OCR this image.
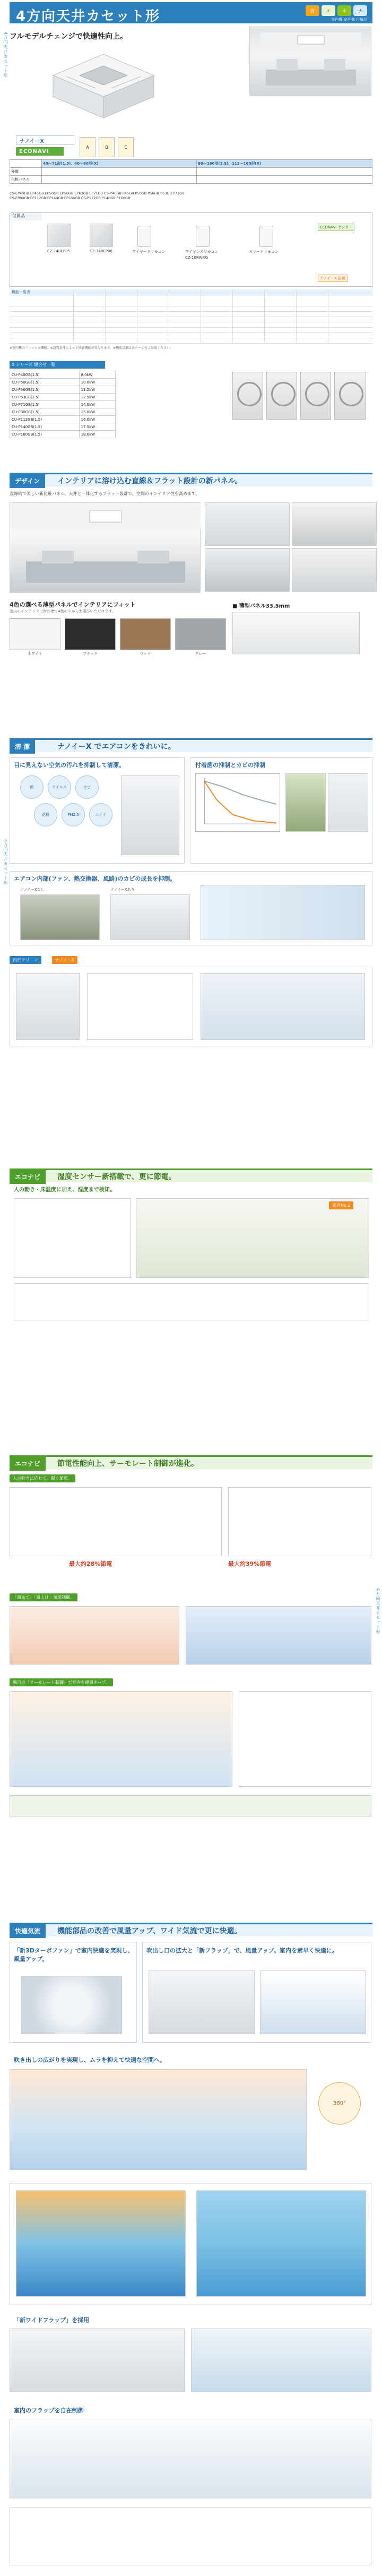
4方向天井カセット形
4方向天井カセット形
4方向天井カセット形
4方向天井カセット形	省	エ	ネ	ナ
室内機 室外機 付属品
フルモデルチェンジで快適性向上。
ナノイーX
ECONAVI
A	B	C
	40～71形(1.5)、40～80形(X)	80～160形(1.5)、112～160形(X)
外観		
化粧パネル		
CS-EP40GB·EP45GB·EP50GB·EP56GB·EP63GB·EP71GB CS-P40GB·P45GB·P50GB·P56GB·P63GB·P71GB
CS-EP80GB·EP112GB·EP140GB·EP160GB CS-P112GB·P140GB·P160GB
付属品
CZ-140EP05	CZ-140EP06	ワイヤードリモコン	ワイヤレスリモコン
CZ-10RWRG
スマートリモコン
ECONAVI センサー
ナノイーX 搭載
機能一覧表
※室内機のフレッシュ機能。※設置条件によって快適機能が異なります。※機能詳細は各ページをご参照ください。
X シリーズ 組合せ一覧
CU-P40GB(1.5)	8.0kW
CU-P50GB(1.5)	10.0kW
CU-P56GB(1.5)	11.2kW
CU-P63GB(1.5)	12.5kW
CU-P71GB(1.5)	14.0kW
CU-P80GB(1.5)	15.0kW
CU-P112GB(1.5)	16.0kW
CU-P140GB(1.5)	17.5kW
CU-P160GB(1.5)	18.0kW
デザイン	インテリアに溶け込む直線＆フラット設計の新パネル。
直線的で美しい新化粧パネル。天井と一体化するフラット設計で、空間のインテリア性を高めます。
4色の選べる薄型パネルでインテリアにフィット
室内のインテリアに合わせて4色の中からお選びいただけます。
ホワイト	ブラック	ウッド	グレー
■ 薄型パネル33.5mm
清 潔	ナノイーX でエアコンをきれいに。
目に見えない空気の汚れを抑制して清潔。
菌	ウイルス	カビ
花粉	PM2.5	ニオイ
付着菌の抑制とカビの抑制
エアコン内部(ファン、熱交換器、風路)のカビの成長を抑制。
ナノイーXなし	ナノイーXあり
内部クリーン	ナノイーX
エコナビ	湿度センサー新搭載で、更に節電。
人の動き・床温度に加え、湿度まで検知。
業界No.1
エコナビ	節電性能向上、サーモレート制御が進化。
人の動きに応じて、賢く節電。
最大約28%節電	最大約39%節電
「風あて」「風よけ」気流制御。
独自の「サーモレート制御」で室内を適温キープ。
快適気流	機能部品の改善で風量アップ、ワイド気流で更に快適。
「新3Dターボファン」で室内快適を実現し、風量アップ。
吹出し口の拡大と「新フラップ」で、風量アップ。室内を素早く快適に。
吹き出しの広がりを実現し、ムラを抑えて快適な空間へ。
360°
「新ワイドフラップ」を採用
室内のフラップを自在制御
